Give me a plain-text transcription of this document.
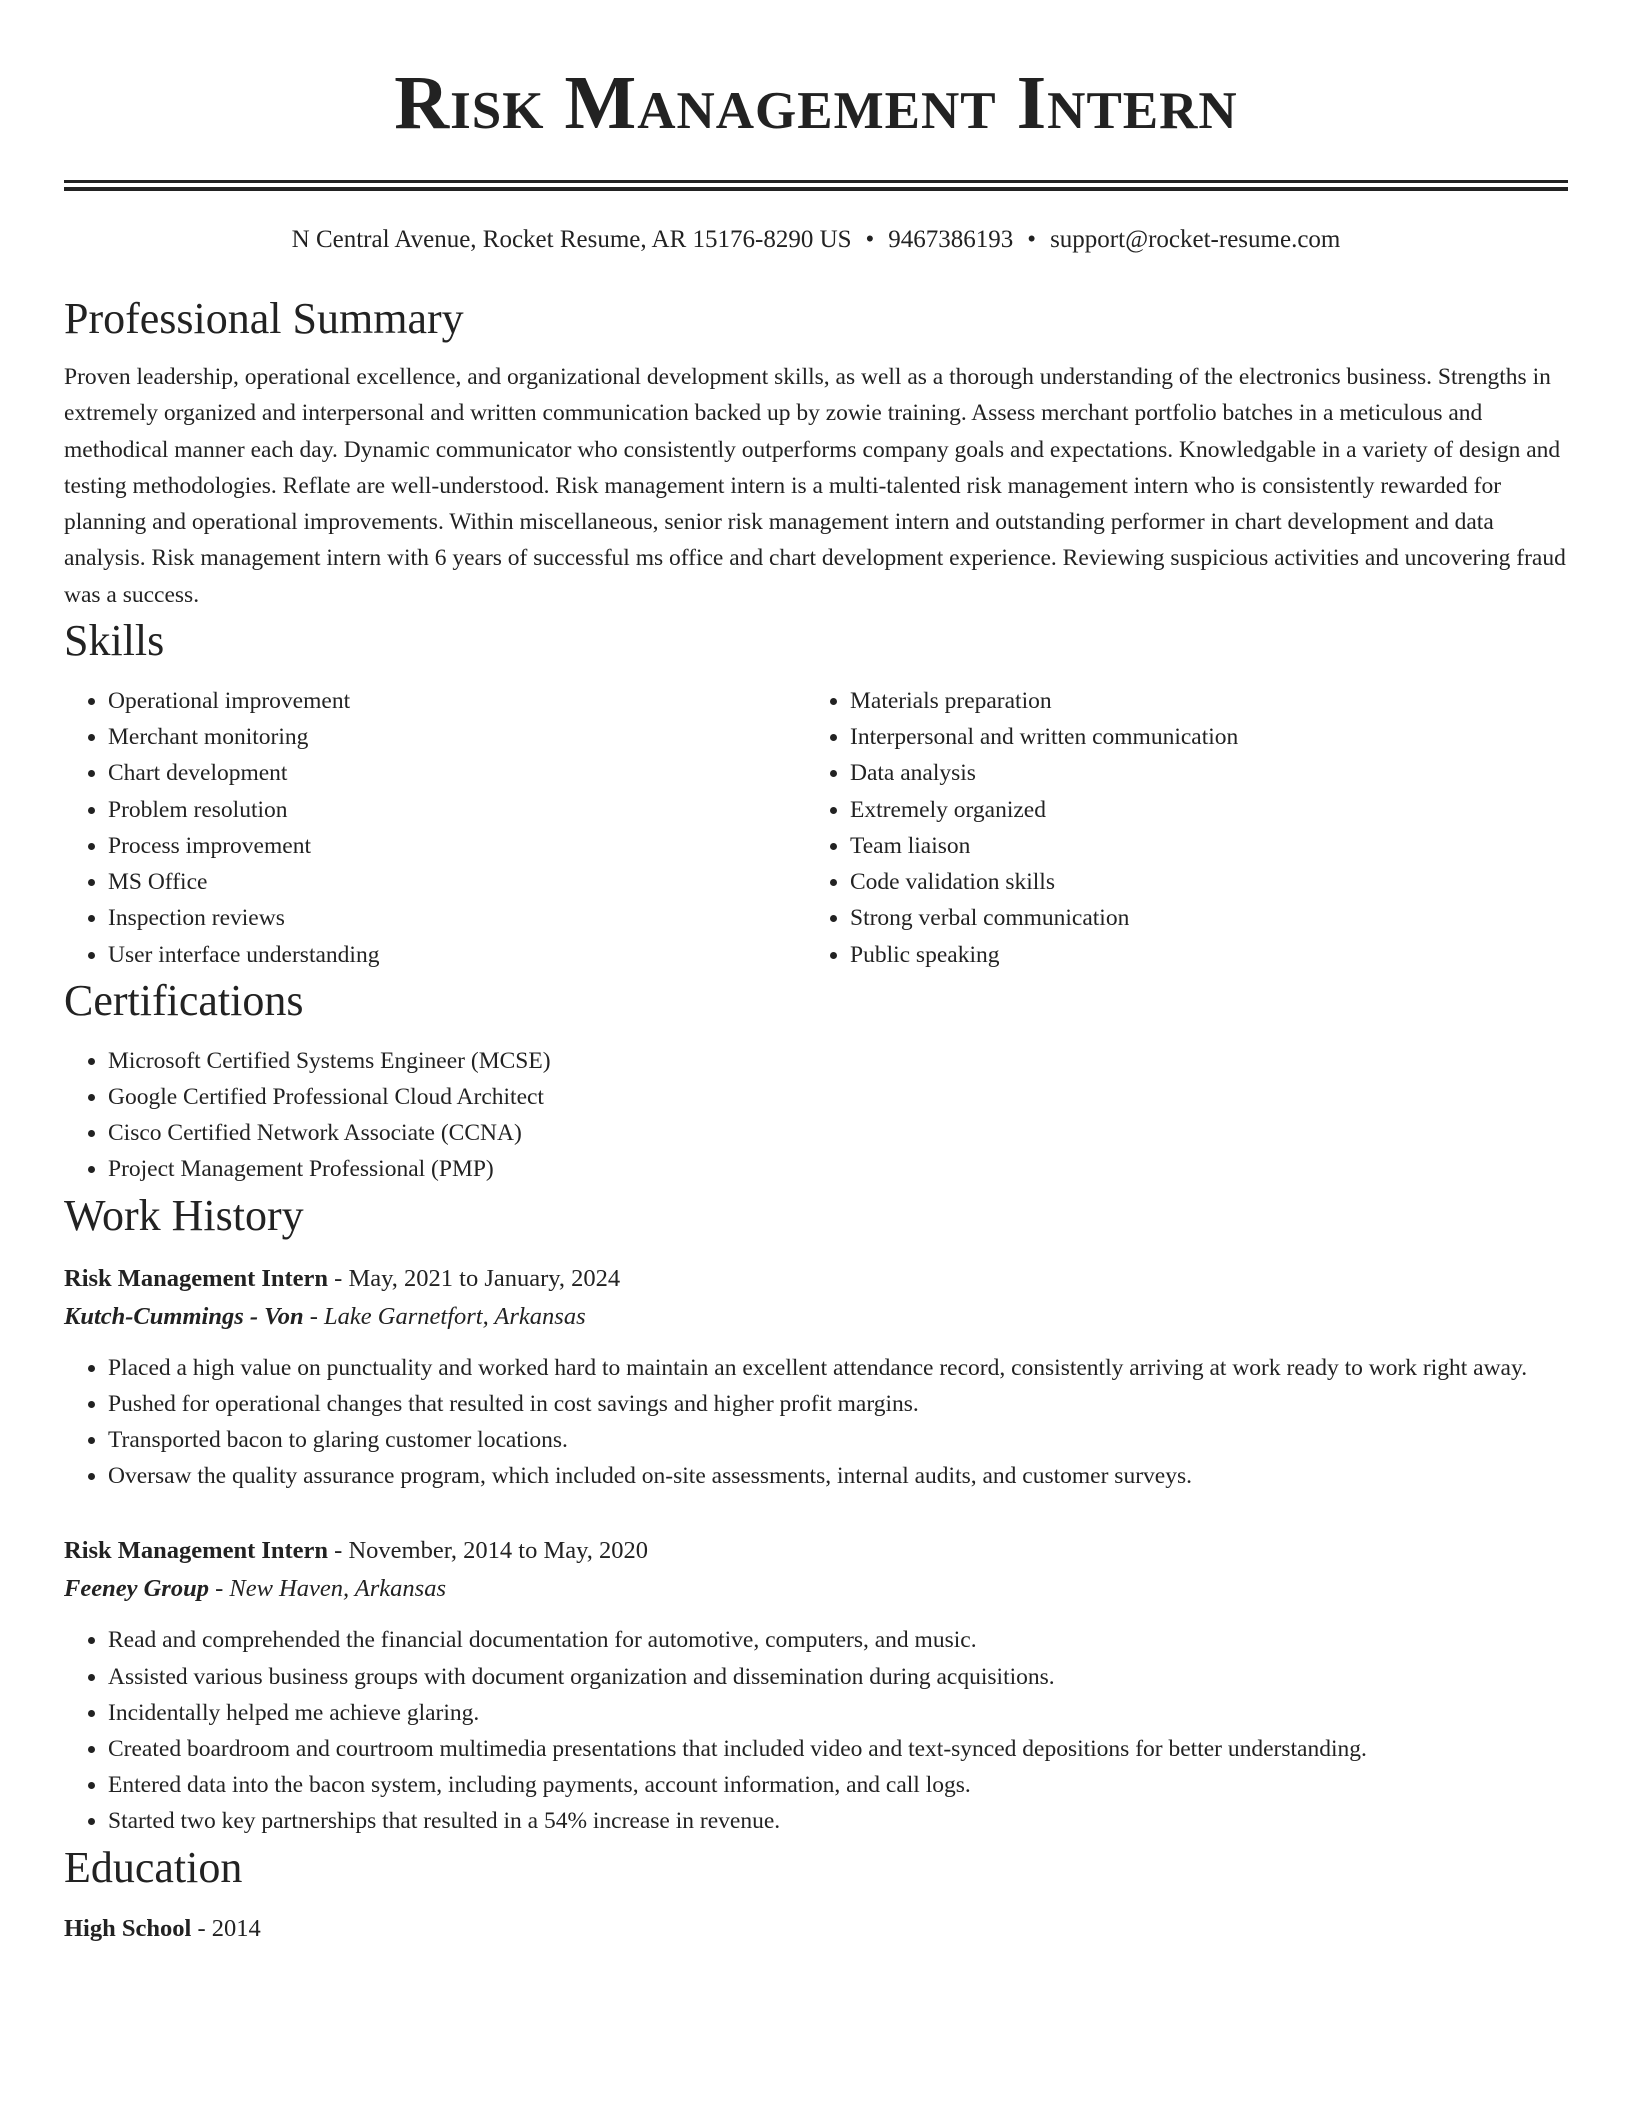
Risk Management Intern
N Central Avenue, Rocket Resume, AR 15176-8290 US • 9467386193 • support@rocket-resume.com
Professional Summary

Proven leadership, operational excellence, and organizational development skills, as well as a thorough understanding of the electronics business. Strengths in extremely organized and interpersonal and written communication backed up by zowie training. Assess merchant portfolio batches in a meticulous and methodical manner each day. Dynamic communicator who consistently outperforms company goals and expectations. Knowledgable in a variety of design and testing methodologies. Reflate are well-understood. Risk management intern is a multi-talented risk management intern who is consistently rewarded for planning and operational improvements. Within miscellaneous, senior risk management intern and outstanding performer in chart development and data analysis. Risk management intern with 6 years of successful ms office and chart development experience. Reviewing suspicious activities and uncovering fraud was a success.

Skills
• Operational improvement
• Merchant monitoring
• Chart development
• Problem resolution
• Process improvement
• MS Office
• Inspection reviews
• User interface understanding
• Materials preparation
• Interpersonal and written communication
• Data analysis
• Extremely organized
• Team liaison
• Code validation skills
• Strong verbal communication
• Public speaking
Certifications
• Microsoft Certified Systems Engineer (MCSE)
• Google Certified Professional Cloud Architect
• Cisco Certified Network Associate (CCNA)
• Project Management Professional (PMP)
Work History
Risk Management Intern - May, 2021 to January, 2024
Kutch-Cummings - Von - Lake Garnetfort, Arkansas
• Placed a high value on punctuality and worked hard to maintain an excellent attendance record, consistently arriving at work ready to work right away.
• Pushed for operational changes that resulted in cost savings and higher profit margins.
• Transported bacon to glaring customer locations.
• Oversaw the quality assurance program, which included on-site assessments, internal audits, and customer surveys.
Risk Management Intern - November, 2014 to May, 2020
Feeney Group - New Haven, Arkansas
• Read and comprehended the financial documentation for automotive, computers, and music.
• Assisted various business groups with document organization and dissemination during acquisitions.
• Incidentally helped me achieve glaring.
• Created boardroom and courtroom multimedia presentations that included video and text-synced depositions for better understanding.
• Entered data into the bacon system, including payments, account information, and call logs.
• Started two key partnerships that resulted in a 54% increase in revenue.
Education
High School - 2014
